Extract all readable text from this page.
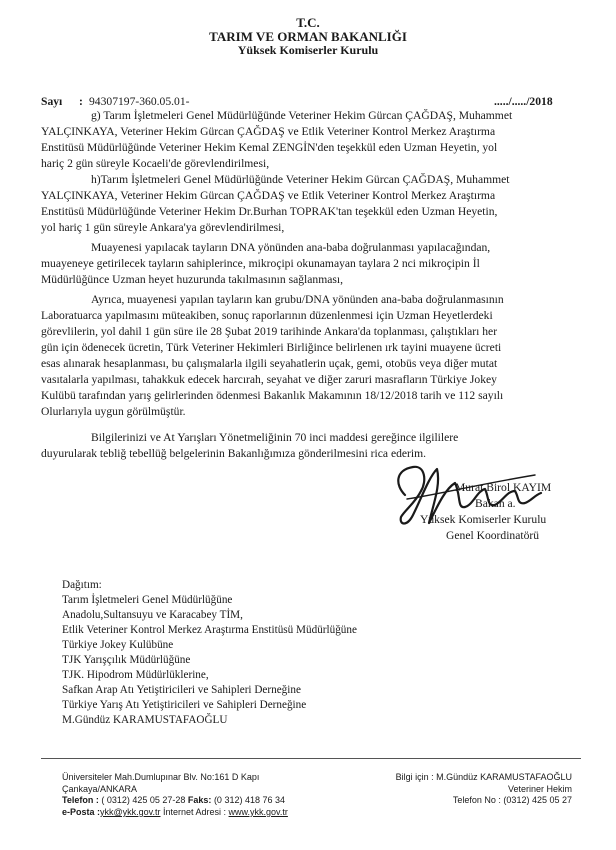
T.C.
TARIM VE ORMAN BAKANLIĞI
Yüksek Komiserler Kurulu
Sayı : 94307197-360.05.01-	...../...../2018
g) Tarım İşletmeleri Genel Müdürlüğünde Veteriner Hekim Gürcan ÇAĞDAŞ, Muhammet
YALÇINKAYA, Veteriner Hekim Gürcan ÇAĞDAŞ ve Etlik Veteriner Kontrol Merkez Araştırma
Enstitüsü Müdürlüğünde Veteriner Hekim Kemal ZENGİN'den teşekkül eden Uzman Heyetin, yol
hariç 2 gün süreyle Kocaeli'de görevlendirilmesi,
h)Tarım İşletmeleri Genel Müdürlüğünde Veteriner Hekim Gürcan ÇAĞDAŞ, Muhammet
YALÇINKAYA, Veteriner Hekim Gürcan ÇAĞDAŞ ve Etlik Veteriner Kontrol Merkez Araştırma
Enstitüsü Müdürlüğünde Veteriner Hekim Dr.Burhan TOPRAK'tan teşekkül eden Uzman Heyetin,
yol hariç 1 gün süreyle Ankara'ya görevlendirilmesi,
Muayenesi yapılacak tayların DNA yönünden ana-baba doğrulanması yapılacağından,
muayeneye getirilecek tayların sahiplerince, mikroçipi okunamayan taylara 2 nci mikroçipin İl
Müdürlüğünce Uzman heyet huzurunda takılmasının sağlanması,
Ayrıca, muayenesi yapılan tayların kan grubu/DNA yönünden ana-baba doğrulanmasının
Laboratuarca yapılmasını müteakiben, sonuç raporlarının düzenlenmesi için Uzman Heyetlerdeki
görevlilerin, yol dahil 1 gün süre ile 28 Şubat 2019 tarihinde Ankara'da toplanması, çalıştıkları her
gün için ödenecek ücretin, Türk Veteriner Hekimleri Birliğince belirlenen ırk tayini muayene ücreti
esas alınarak hesaplanması, bu çalışmalarla ilgili seyahatlerin uçak, gemi, otobüs veya diğer mutat
vasıtalarla yapılması, tahakkuk edecek harcırah, seyahat ve diğer zaruri masrafların Türkiye Jokey
Kulübü tarafından yarış gelirlerinden ödenmesi Bakanlık Makamının 18/12/2018 tarih ve 112 sayılı
Olurlarıyla uygun görülmüştür.
Bilgilerinizi ve At Yarışları Yönetmeliğinin 70 inci maddesi gereğince ilgililere
duyurularak tebliğ tebellüğ belgelerinin Bakanlığımıza gönderilmesini rica ederim.
Murat Birol KAYIM
Bakan a.
Yüksek Komiserler Kurulu
Genel Koordinatörü
Dağıtım:
Tarım İşletmeleri Genel Müdürlüğüne
Anadolu,Sultansuyu ve Karacabey TİM,
Etlik Veteriner Kontrol Merkez Araştırma Enstitüsü Müdürlüğüne
Türkiye Jokey Kulübüne
TJK Yarışçılık Müdürlüğüne
TJK. Hipodrom Müdürlüklerine,
Safkan Arap Atı Yetiştiricileri ve Sahipleri Derneğine
Türkiye Yarış Atı Yetiştiricileri ve Sahipleri Derneğine
M.Gündüz KARAMUSTAFAOĞLU
Üniversiteler Mah.Dumlupınar Blv. No:161 D Kapı
Çankaya/ANKARA
Telefon : ( 0312) 425 05 27-28 Faks: (0 312) 418 76 34
e-Posta :ykk@ykk.gov.tr İnternet Adresi : www.ykk.gov.tr
Bilgi için : M.Gündüz KARAMUSTAFAOĞLU
Veteriner Hekim
Telefon No : (0312) 425 05 27
